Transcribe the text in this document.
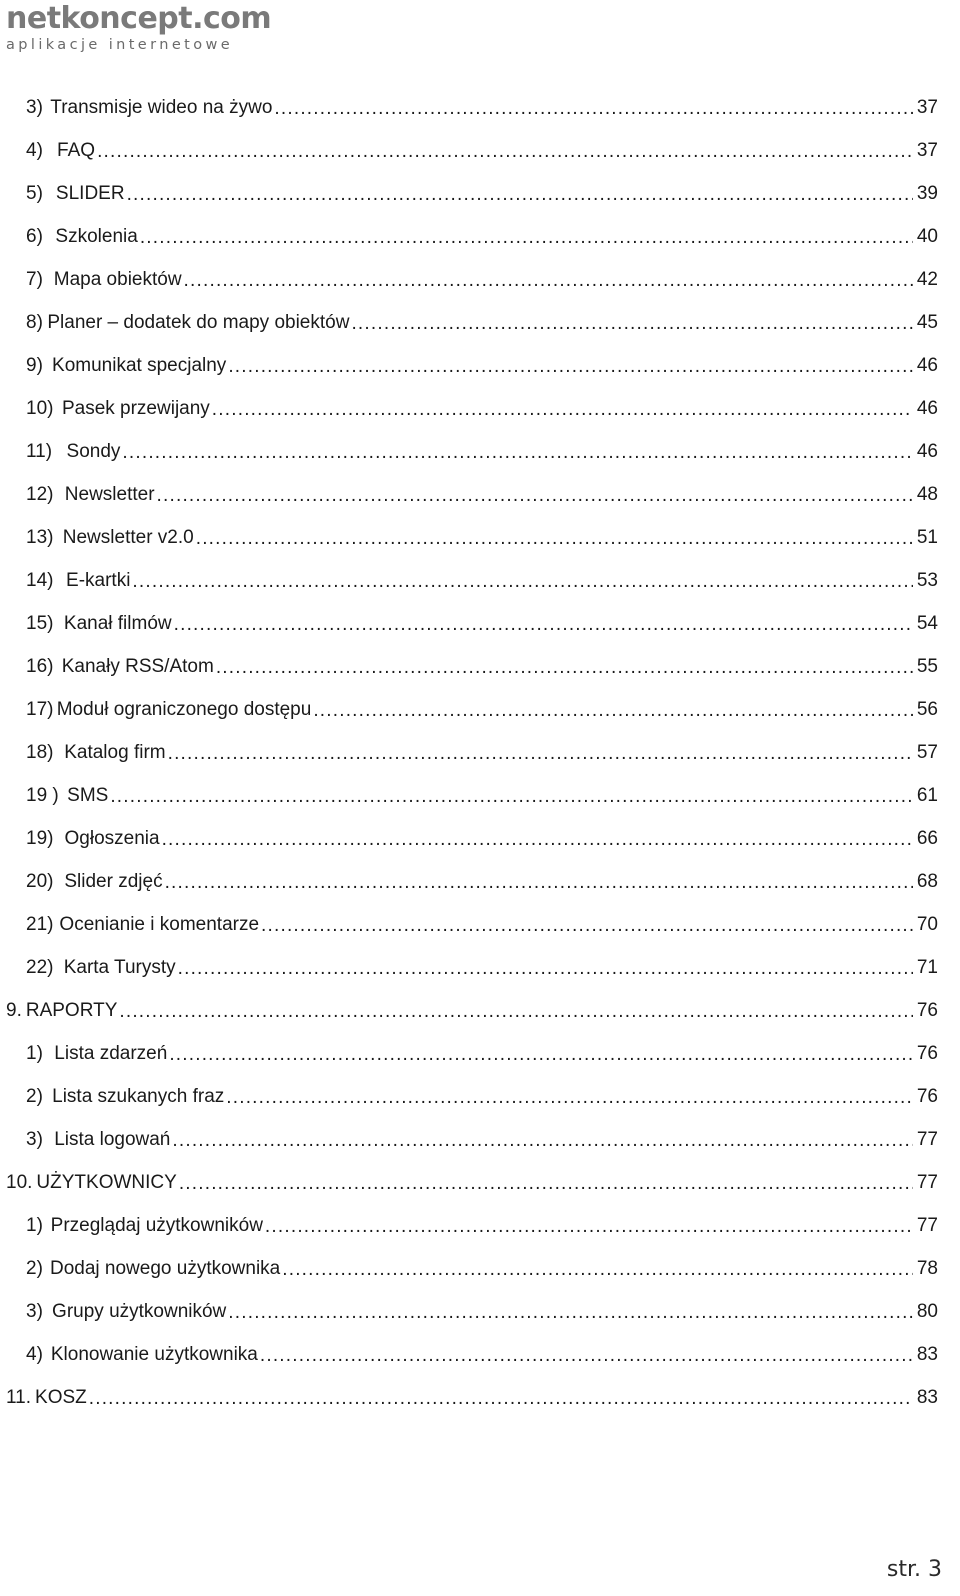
netkoncept.com
aplikacje internetowe
3) Transmisje wideo na żywo .....	37
4) FAQ .....	37
5) SLIDER .....	39
6) Szkolenia .....	40
7) Mapa obiektów .....	42
8) Planer – dodatek do mapy obiektów .....	45
9) Komunikat specjalny .....	46
10) Pasek przewijany .....	46
11) Sondy .....	46
12) Newsletter .....	48
13) Newsletter v2.0 .....	51
14) E-kartki .....	53
15) Kanał filmów .....	54
16) Kanały RSS/Atom .....	55
17) Moduł ograniczonego dostępu .....	56
18) Katalog firm .....	57
19 ) SMS .....	61
19) Ogłoszenia .....	66
20) Slider zdjęć .....	68
21) Ocenianie i komentarze .....	70
22) Karta Turysty .....	71
9. RAPORTY .....	76
1) Lista zdarzeń .....	76
2) Lista szukanych fraz .....	76
3) Lista logowań .....	77
10. UŻYTKOWNICY .....	77
1) Przeglądaj użytkowników .....	77
2) Dodaj nowego użytkownika .....	78
3) Grupy użytkowników .....	80
4) Klonowanie użytkownika .....	83
11. KOSZ .....	83
str. 3
